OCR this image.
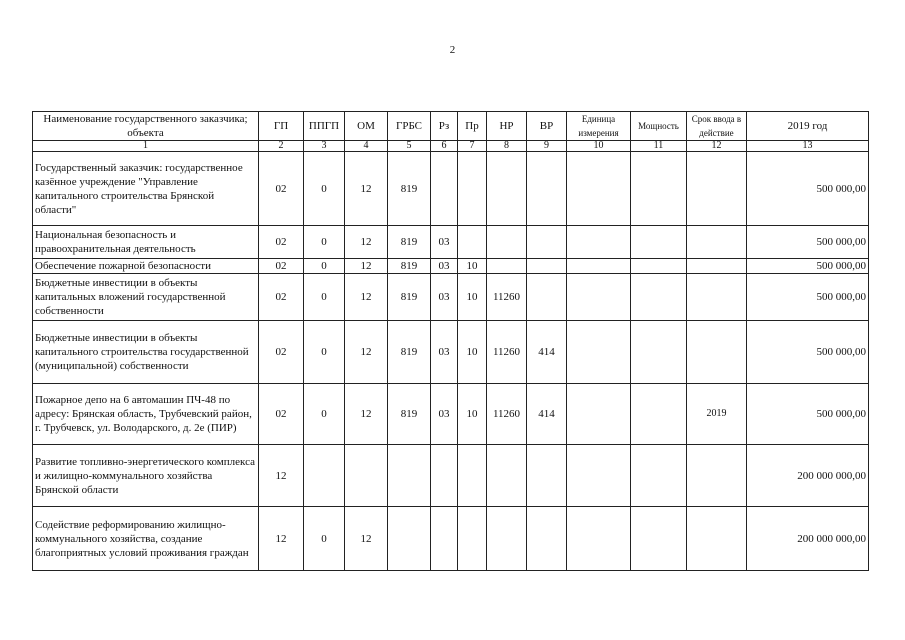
2
Наименование государственного заказчика; объекта	ГП	ППГП	ОМ	ГРБС	Рз	Пр	НР	ВР	Единица измерения	Мощность	Срок ввода в действие	2019 год
1	2	3	4	5	6	7	8	9	10	11	12	13
Государственный заказчик: государственное казённое учреждение "Управление капитального строительства Брянской области"	02	0	12	819								500 000,00
Национальная безопасность и правоохранительная деятельность	02	0	12	819	03							500 000,00
Обеспечение пожарной безопасности	02	0	12	819	03	10						500 000,00
Бюджетные инвестиции в объекты капитальных вложений государственной собственности	02	0	12	819	03	10	11260					500 000,00
Бюджетные инвестиции в объекты капитального строительства государственной (муниципальной) собственности	02	0	12	819	03	10	11260	414				500 000,00
Пожарное депо на 6 автомашин ПЧ-48 по адресу: Брянская область, Трубчевский район, г. Трубчевск, ул. Володарского, д. 2е (ПИР)	02	0	12	819	03	10	11260	414			2019	500 000,00
Развитие топливно-энергетического комплекса и жилищно-коммунального хозяйства Брянской области	12											200 000 000,00
Содействие реформированию жилищно-коммунального хозяйства, создание благоприятных условий проживания граждан	12	0	12									200 000 000,00
